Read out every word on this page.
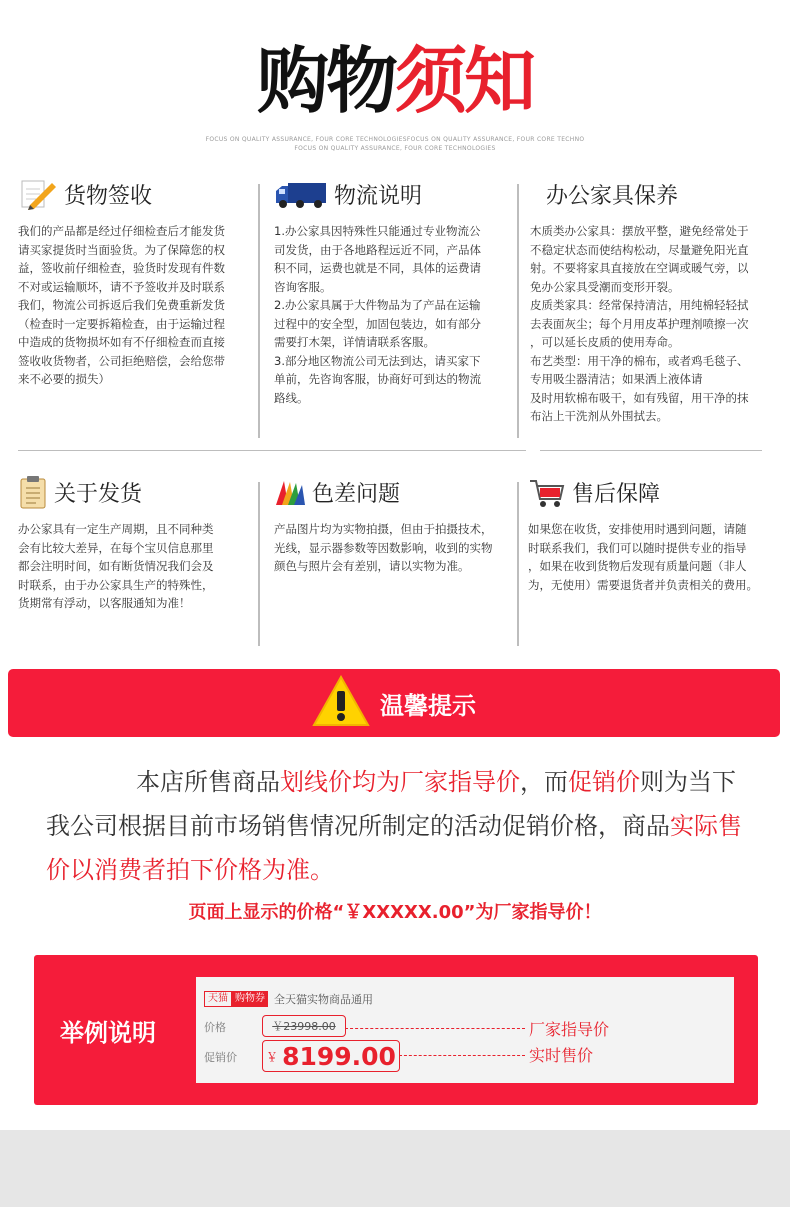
购物须知
FOCUS ON QUALITY ASSURANCE, FOUR CORE TECHNOLOGIESFOCUS ON QUALITY ASSURANCE, FOUR CORE TECHNO
FOCUS ON QUALITY ASSURANCE, FOUR CORE TECHNOLOGIES
货物签收
我们的产品都是经过仔细检查后才能发货
请买家提货时当面验货。为了保障您的权
益，签收前仔细检查，验货时发现有件数
不对或运输顺坏，请不予签收并及时联系
我们，物流公司拆返后我们免费重新发货
（检查时一定要拆箱检查，由于运输过程
中造成的货物损坏如有不仔细检查而直接
签收收货物者，公司拒绝赔偿，会给您带
来不必要的损失）
物流说明
1.办公家具因特殊性只能通过专业物流公
司发货，由于各地路程远近不同，产品体
积不同，运费也就是不同，具体的运费请
咨询客服。
2.办公家具属于大件物品为了产品在运输
过程中的安全型，加固包装边，如有部分
需要打木架，详情请联系客服。
3.部分地区物流公司无法到达，请买家下
单前，先咨询客服，协商好可到达的物流
路线。
办公家具保养
木质类办公家具：摆放平整，避免经常处于
不稳定状态而使结构松动，尽量避免阳光直
射。不要将家具直接放在空调或暖气旁，以
免办公家具受潮而变形开裂。
皮质类家具：经常保持清洁，用纯棉轻轻拭
去表面灰尘；每个月用皮革护理剂喷擦一次
，可以延长皮质的使用寿命。
布艺类型：用干净的棉布，或者鸡毛毯子、
专用吸尘器清洁；如果洒上液体请
及时用软棉布吸干，如有残留，用干净的抹
布沾上干洗剂从外围拭去。
关于发货
办公家具有一定生产周期，且不同种类
会有比较大差异，在每个宝贝信息那里
都会注明时间，如有断货情况我们会及
时联系，由于办公家具生产的特殊性，
货期常有浮动，以客服通知为准！
色差问题
产品图片均为实物拍摄，但由于拍摄技术，
光线，显示器参数等因数影响，收到的实物
颜色与照片会有差别，请以实物为准。
售后保障
如果您在收货，安排使用时遇到问题，请随
时联系我们，我们可以随时提供专业的指导
，如果在收到货物后发现有质量问题（非人
为，无使用）需要退货者并负责相关的费用。
温馨提示

本店所售商品划线价均为厂家指导价，而促销价则为当下

我公司根据目前市场销售情况所制定的活动促销价格，商品实际售

价以消费者拍下价格为准。

页面上显示的价格“￥XXXXX.00”为厂家指导价！
举例说明
天猫 购物券 全天猫实物商品通用
价格	￥23998.00
促销价 ￥ 8199.00
厂家指导价
实时售价
